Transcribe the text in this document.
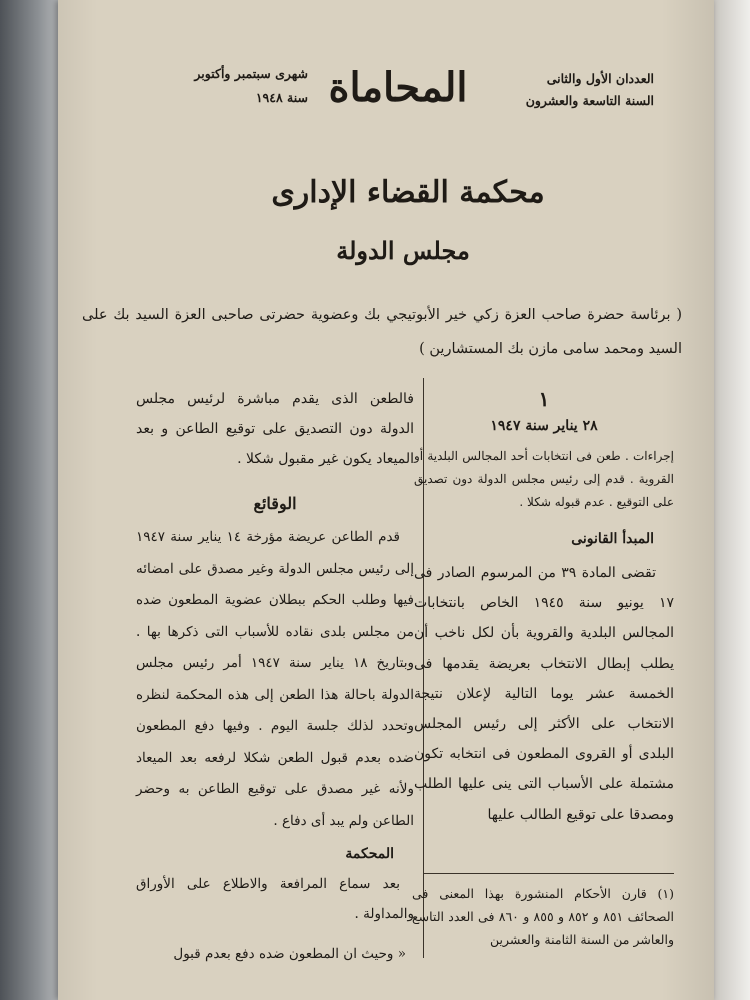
العددان الأول والثانى
السنة التاسعة والعشرون
المحاماة
شهرى سبتمبر وأكتوبر
سنة ١٩٤٨
محكمة القضاء الإدارى
مجلس الدولة
( برئاسة حضرة صاحب العزة زكي خير الأبوتيجي بك وعضوية حضرتى صاحبى العزة السيد بك على السيد ومحمد سامى مازن بك المستشارين )
١
٢٨ يناير سنة ١٩٤٧
إجراءات . طعن فى انتخابات أحد المجالس البلدية أو القروية . قدم إلى رئيس مجلس الدولة دون تصديق على التوقيع . عدم قبوله شكلا .
المبدأ القانونى
تقضى المادة ٣٩ من المرسوم الصادر فى ١٧ يونيو سنة ١٩٤٥ الخاص بانتخابات المجالس البلدية والقروية بأن لكل ناخب أن يطلب إبطال الانتخاب بعريضة يقدمها فى الخمسة عشر يوما التالية لإعلان نتيجة الانتخاب على الأكثر إلى رئيس المجلس البلدى أو القروى المطعون فى انتخابه تكون مشتملة على الأسباب التى ينى عليها الطلب ومصدقا على توقيع الطالب عليها
(١) قارن الأحكام المنشورة بهذا المعنى فى الصحائف ٨٥١ و ٨٥٢ و ٨٥٥ و ٨٦٠ فى العدد التاسع والعاشر من السنة الثامنة والعشرين
فالطعن الذى يقدم مباشرة لرئيس مجلس الدولة دون التصديق على توقيع الطاعن و بعد الميعاد يكون غير مقبول شكلا .
الوقائع
قدم الطاعن عريضة مؤرخة ١٤ يناير سنة ١٩٤٧ إلى رئيس مجلس الدولة وغير مصدق على امضائه فيها وطلب الحكم ببطلان عضوية المطعون ضده من مجلس بلدى نقاده للأسباب التى ذكرها بها . وبتاريخ ١٨ يناير سنة ١٩٤٧ أمر رئيس مجلس الدولة باحالة هذا الطعن إلى هذه المحكمة لنظره وتحدد لذلك جلسة اليوم . وفيها دفع المطعون ضده بعدم قبول الطعن شكلا لرفعه بعد الميعاد ولأنه غير مصدق على توقيع الطاعن به وحضر الطاعن ولم يبد أى دفاع .
المحكمة
بعد سماع المرافعة والاطلاع على الأوراق والمداولة .
« وحيث ان المطعون ضده دفع بعدم قبول
